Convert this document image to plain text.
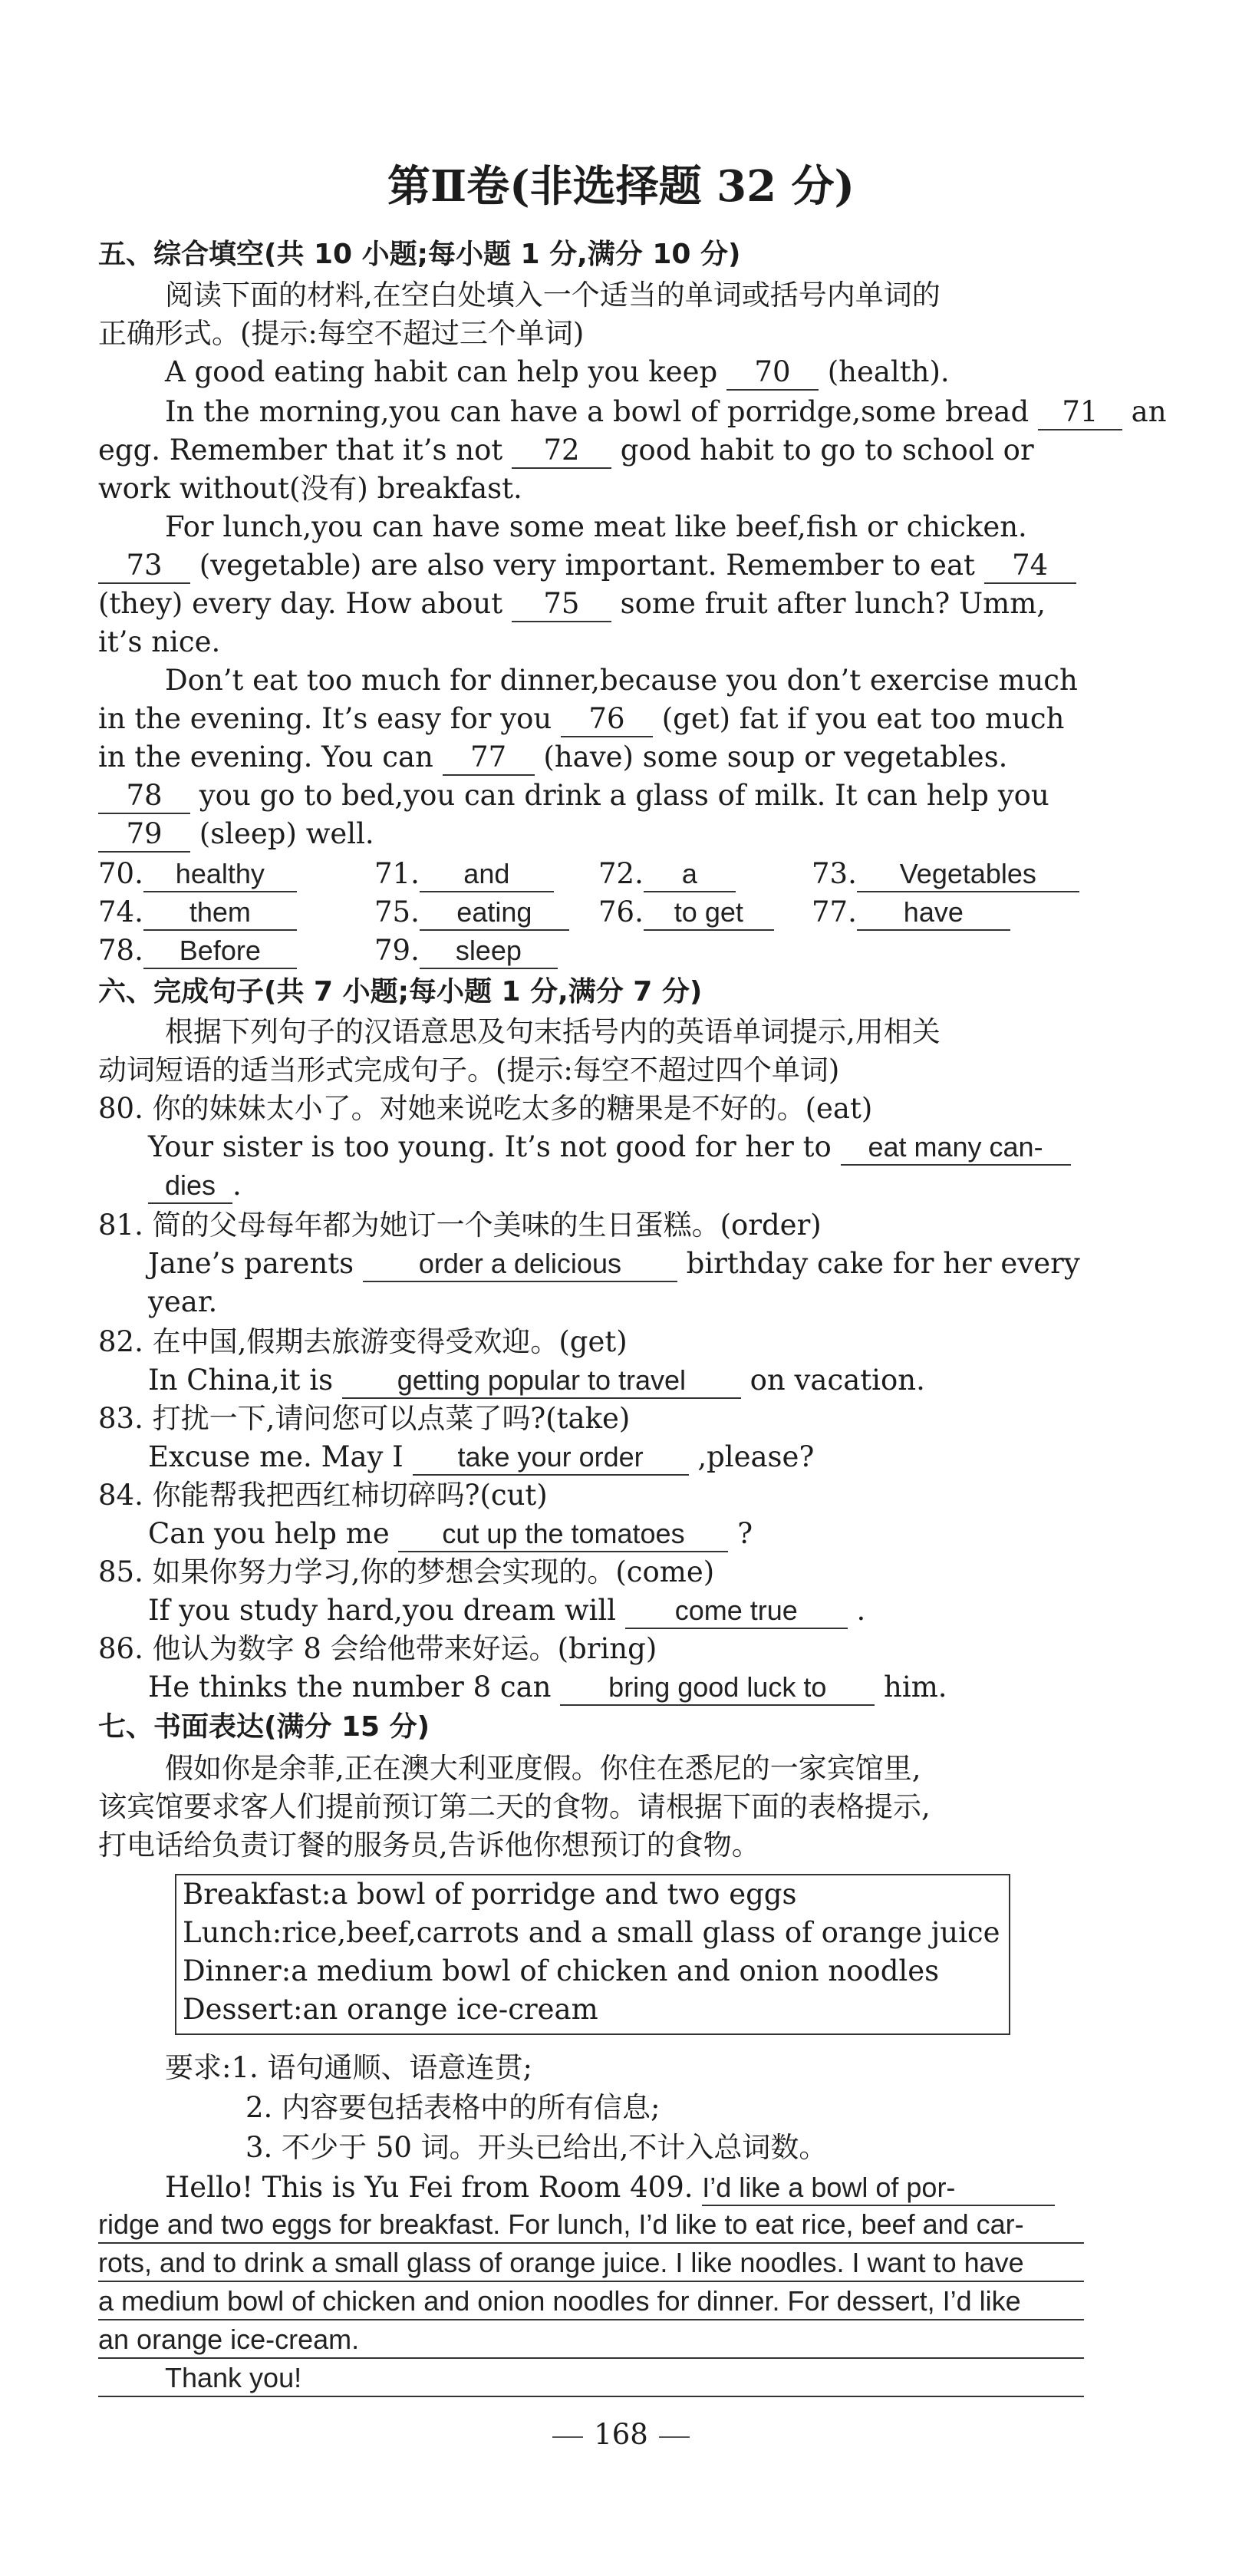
第Ⅱ卷(非选择题 32 分)
五、综合填空(共 10 小题;每小题 1 分,满分 10 分)
阅读下面的材料,在空白处填入一个适当的单词或括号内单词的
正确形式。(提示:每空不超过三个单词)
A good eating habit can help you keep 70 (health).
In the morning,you can have a bowl of porridge,some bread 71 an
egg. Remember that it’s not 72 good habit to go to school or
work without(没有) breakfast.
For lunch,you can have some meat like beef,fish or chicken.
73 (vegetable) are also very important. Remember to eat 74
(they) every day. How about 75 some fruit after lunch? Umm,
it’s nice.
Don’t eat too much for dinner,because you don’t exercise much
in the evening. It’s easy for you 76 (get) fat if you eat too much
in the evening. You can 77 (have) some soup or vegetables.
78 you go to bed,you can drink a glass of milk. It can help you
79 (sleep) well.
70. healthy	71. and	72. a	73. Vegetables
74. them	75. eating	76. to get	77. have
78. Before	79. sleep
六、完成句子(共 7 小题;每小题 1 分,满分 7 分)
根据下列句子的汉语意思及句末括号内的英语单词提示,用相关
动词短语的适当形式完成句子。(提示:每空不超过四个单词)
80. 你的妹妹太小了。对她来说吃太多的糖果是不好的。(eat)
Your sister is too young. It’s not good for her to eat many can-
dies .
81. 简的父母每年都为她订一个美味的生日蛋糕。(order)
Jane’s parents order a delicious birthday cake for her every
year.
82. 在中国,假期去旅游变得受欢迎。(get)
In China,it is getting popular to travel on vacation.
83. 打扰一下,请问您可以点菜了吗?(take)
Excuse me. May I take your order ,please?
84. 你能帮我把西红柿切碎吗?(cut)
Can you help me cut up the tomatoes ?
85. 如果你努力学习,你的梦想会实现的。(come)
If you study hard,you dream will come true .
86. 他认为数字 8 会给他带来好运。(bring)
He thinks the number 8 can bring good luck to him.
七、书面表达(满分 15 分)
假如你是余菲,正在澳大利亚度假。你住在悉尼的一家宾馆里,
该宾馆要求客人们提前预订第二天的食物。请根据下面的表格提示,
打电话给负责订餐的服务员,告诉他你想预订的食物。
Breakfast:a bowl of porridge and two eggs
Lunch:rice,beef,carrots and a small glass of orange juice
Dinner:a medium bowl of chicken and onion noodles
Dessert:an orange ice-cream
要求:1. 语句通顺、语意连贯;
2. 内容要包括表格中的所有信息;
3. 不少于 50 词。开头已给出,不计入总词数。
Hello! This is Yu Fei from Room 409. I’d like a bowl of por-
ridge and two eggs for breakfast. For lunch, I’d like to eat rice, beef and car-
rots, and to drink a small glass of orange juice. I like noodles. I want to have
a medium bowl of chicken and onion noodles for dinner. For dessert, I’d like
an orange ice-cream.
Thank you!
168
